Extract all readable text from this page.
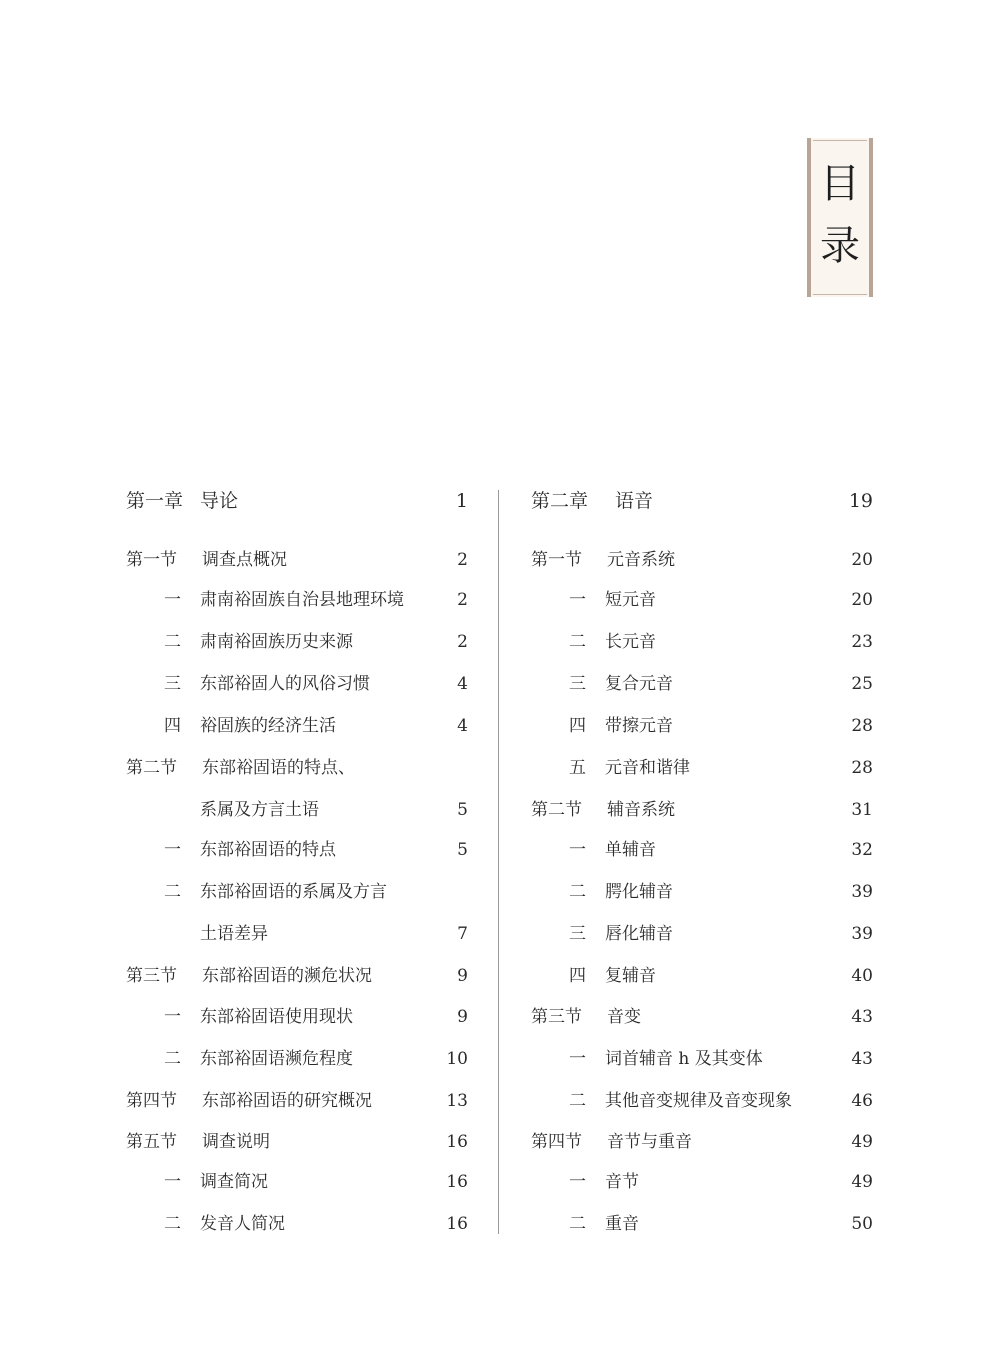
目
录
第一章 导论	1
第一节 调查点概况	2
一 肃南裕固族自治县地理环境	2
二 肃南裕固族历史来源	2
三 东部裕固人的风俗习惯	4
四 裕固族的经济生活	4
第二节 东部裕固语的特点、
系属及方言土语	5
一 东部裕固语的特点	5
二 东部裕固语的系属及方言
土语差异	7
第三节 东部裕固语的濒危状况	9
一 东部裕固语使用现状	9
二 东部裕固语濒危程度	10
第四节 东部裕固语的研究概况	13
第五节 调查说明	16
一 调查简况	16
二 发音人简况	16
第二章 语音	19
第一节 元音系统	20
一 短元音	20
二 长元音	23
三 复合元音	25
四 带擦元音	28
五 元音和谐律	28
第二节 辅音系统	31
一 单辅音	32
二 腭化辅音	39
三 唇化辅音	39
四 复辅音	40
第三节 音变	43
一 词首辅音 h 及其变体	43
二 其他音变规律及音变现象	46
第四节 音节与重音	49
一 音节	49
二 重音	50
